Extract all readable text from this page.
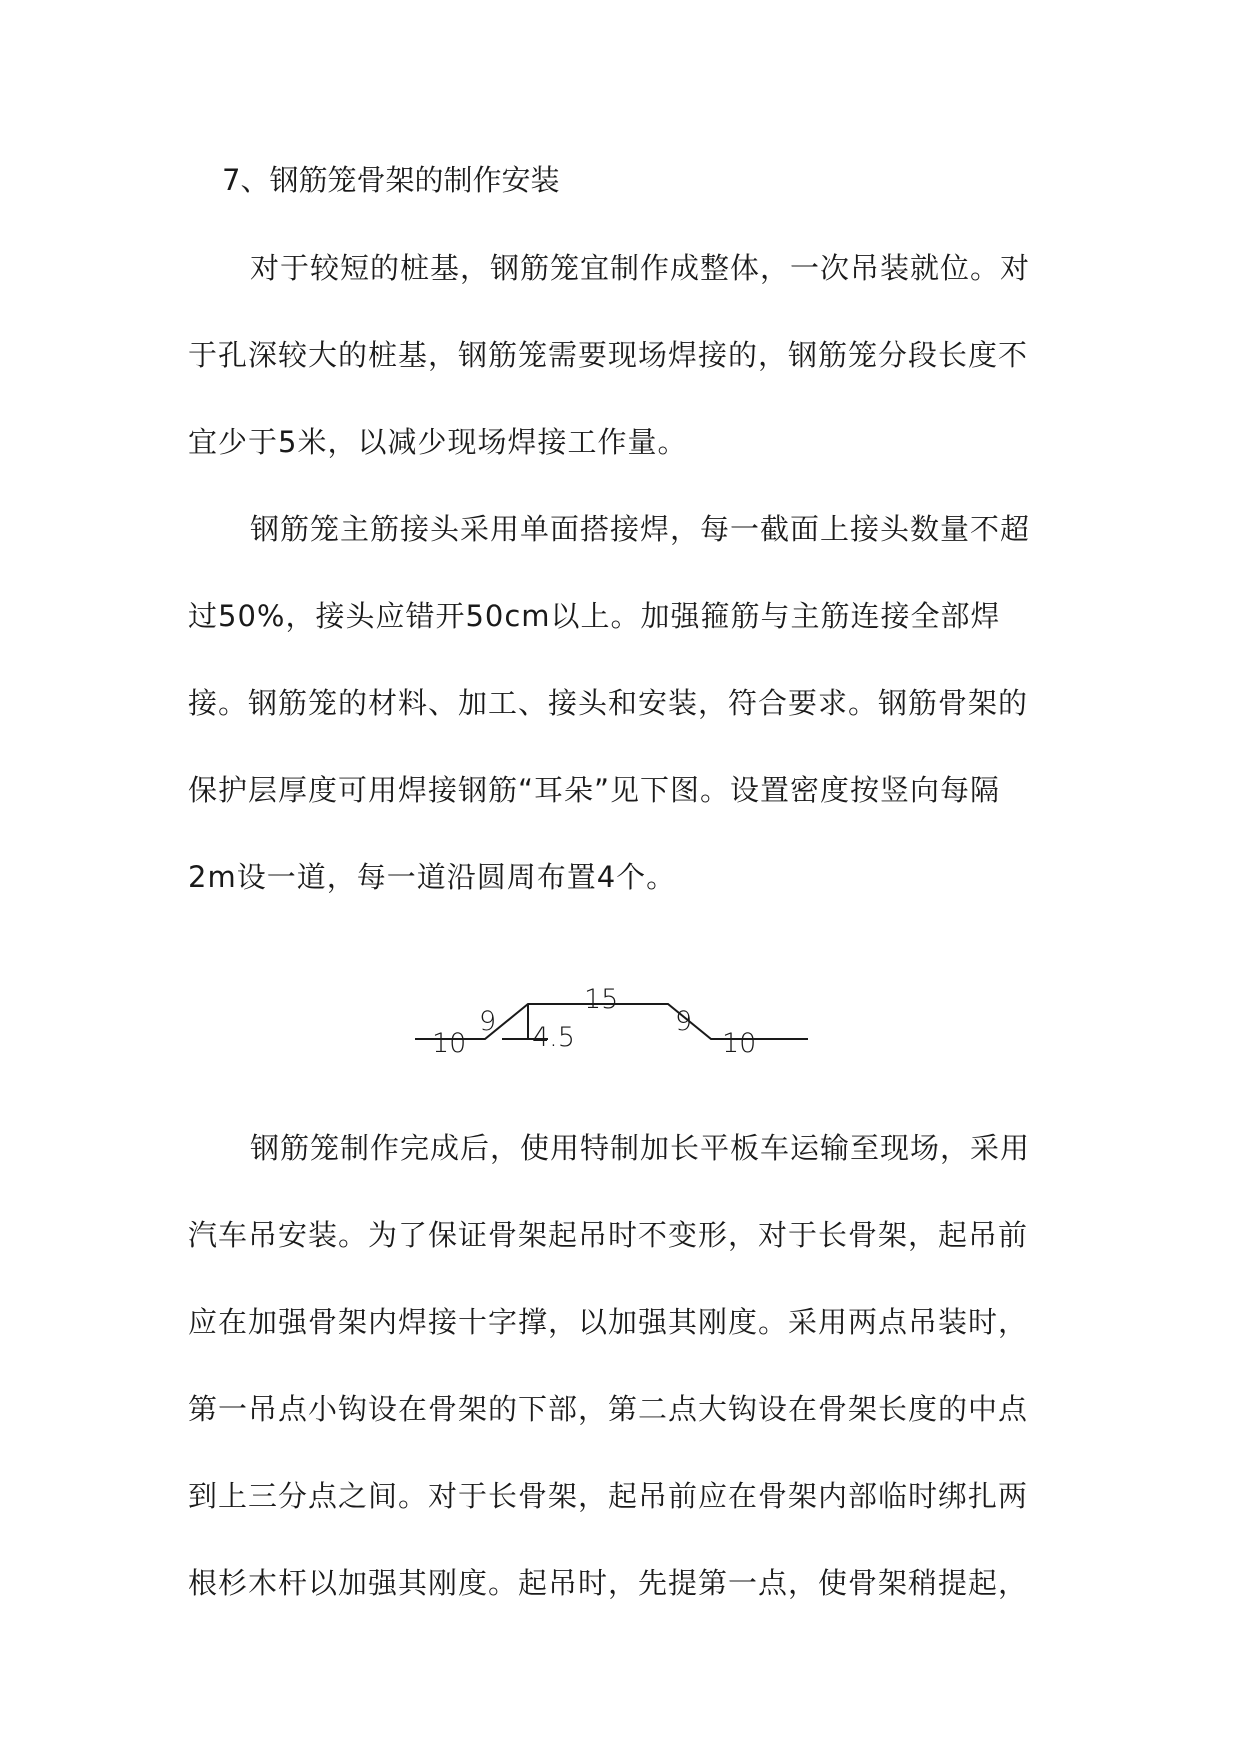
7、钢筋笼骨架的制作安装

对于较短的桩基，钢筋笼宜制作成整体，一次吊装就位。对于孔深较大的桩基，钢筋笼需要现场焊接的，钢筋笼分段长度不宜少于5米，以减少现场焊接工作量。

钢筋笼主筋接头采用单面搭接焊，每一截面上接头数量不超过50%，接头应错开50cm以上。加强箍筋与主筋连接全部焊接。钢筋笼的材料、加工、接头和安装，符合要求。钢筋骨架的保护层厚度可用焊接钢筋“耳朵”见下图。设置密度按竖向每隔2m设一道，每一道沿圆周布置4个。

10
9
4.5
15
9
10

钢筋笼制作完成后，使用特制加长平板车运输至现场，采用汽车吊安装。为了保证骨架起吊时不变形，对于长骨架，起吊前应在加强骨架内焊接十字撑，以加强其刚度。采用两点吊装时，第一吊点小钩设在骨架的下部，第二点大钩设在骨架长度的中点到上三分点之间。对于长骨架，起吊前应在骨架内部临时绑扎两根杉木杆以加强其刚度。起吊时，先提第一点，使骨架稍提起，
